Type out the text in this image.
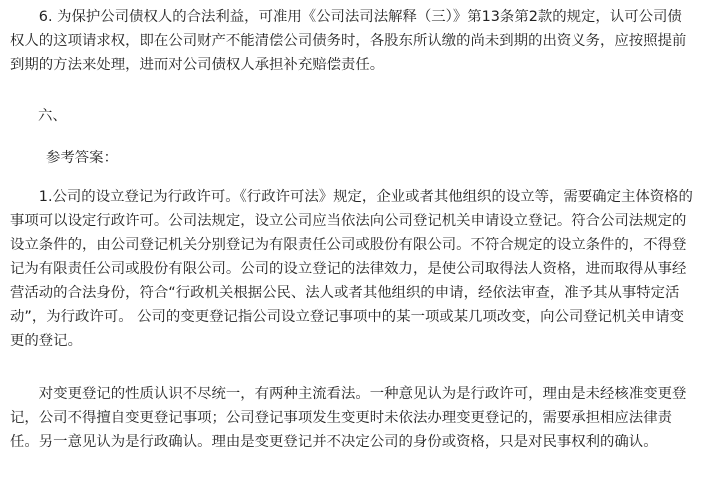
6. 为保护公司债权人的合法利益，可准用《公司法司法解释（三）》第13条第2款的规定，认可公司债权人的这项请求权，即在公司财产不能清偿公司债务时，各股东所认缴的尚未到期的出资义务，应按照提前到期的方法来处理，进而对公司债权人承担补充赔偿责任。

六、

参考答案：

1.公司的设立登记为行政许可。《行政许可法》规定，企业或者其他组织的设立等，需要确定主体资格的事项可以设定行政许可。公司法规定，设立公司应当依法向公司登记机关申请设立登记。符合公司法规定的设立条件的，由公司登记机关分别登记为有限责任公司或股份有限公司。不符合规定的设立条件的，不得登记为有限责任公司或股份有限公司。公司的设立登记的法律效力，是使公司取得法人资格，进而取得从事经营活动的合法身份，符合“行政机关根据公民、法人或者其他组织的申请，经依法审查，准予其从事特定活动”，为行政许可。 公司的变更登记指公司设立登记事项中的某一项或某几项改变，向公司登记机关申请变更的登记。

对变更登记的性质认识不尽统一，有两种主流看法。一种意见认为是行政许可，理由是未经核准变更登记，公司不得擅自变更登记事项；公司登记事项发生变更时未依法办理变更登记的，需要承担相应法律责任。另一意见认为是行政确认。理由是变更登记并不决定公司的身份或资格，只是对民事权利的确认。
